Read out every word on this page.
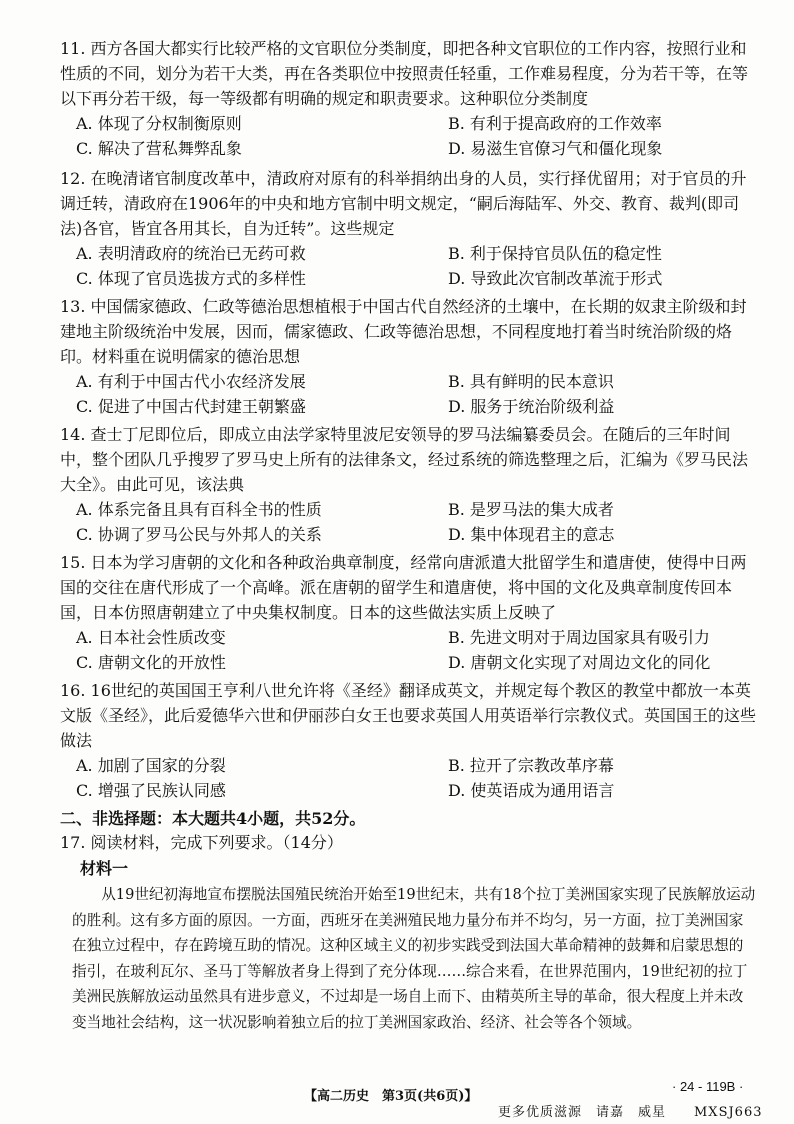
11. 西方各国大都实行比较严格的文官职位分类制度，即把各种文官职位的工作内容，按照行业和性质的不同，划分为若干大类，再在各类职位中按照责任轻重，工作难易程度，分为若干等，在等以下再分若干级，每一等级都有明确的规定和职责要求。这种职位分类制度
A. 体现了分权制衡原则	B. 有利于提高政府的工作效率
C. 解决了营私舞弊乱象	D. 易滋生官僚习气和僵化现象
12. 在晚清诸官制度改革中，清政府对原有的科举捐纳出身的人员，实行择优留用；对于官员的升调迁转，清政府在1906年的中央和地方官制中明文规定，“嗣后海陆军、外交、教育、裁判(即司法)各官，皆宜各用其长，自为迁转”。这些规定
A. 表明清政府的统治已无药可救	B. 利于保持官员队伍的稳定性
C. 体现了官员选拔方式的多样性	D. 导致此次官制改革流于形式
13. 中国儒家德政、仁政等德治思想植根于中国古代自然经济的土壤中，在长期的奴隶主阶级和封建地主阶级统治中发展，因而，儒家德政、仁政等德治思想，不同程度地打着当时统治阶级的烙印。材料重在说明儒家的德治思想
A. 有利于中国古代小农经济发展	B. 具有鲜明的民本意识
C. 促进了中国古代封建王朝繁盛	D. 服务于统治阶级利益
14. 查士丁尼即位后，即成立由法学家特里波尼安领导的罗马法编纂委员会。在随后的三年时间中，整个团队几乎搜罗了罗马史上所有的法律条文，经过系统的筛选整理之后，汇编为《罗马民法大全》。由此可见，该法典
A. 体系完备且具有百科全书的性质	B. 是罗马法的集大成者
C. 协调了罗马公民与外邦人的关系	D. 集中体现君主的意志
15. 日本为学习唐朝的文化和各种政治典章制度，经常向唐派遣大批留学生和遣唐使，使得中日两国的交往在唐代形成了一个高峰。派在唐朝的留学生和遣唐使，将中国的文化及典章制度传回本国，日本仿照唐朝建立了中央集权制度。日本的这些做法实质上反映了
A. 日本社会性质改变	B. 先进文明对于周边国家具有吸引力
C. 唐朝文化的开放性	D. 唐朝文化实现了对周边文化的同化
16. 16世纪的英国国王亨利八世允许将《圣经》翻译成英文，并规定每个教区的教堂中都放一本英文版《圣经》，此后爱德华六世和伊丽莎白女王也要求英国人用英语举行宗教仪式。英国国王的这些做法
A. 加剧了国家的分裂	B. 拉开了宗教改革序幕
C. 增强了民族认同感	D. 使英语成为通用语言
二、非选择题：本大题共4小题，共52分。
17. 阅读材料，完成下列要求。（14分）
材料一
从19世纪初海地宣布摆脱法国殖民统治开始至19世纪末，共有18个拉丁美洲国家实现了民族解放运动的胜利。这有多方面的原因。一方面，西班牙在美洲殖民地力量分布并不均匀，另一方面，拉丁美洲国家在独立过程中，存在跨境互助的情况。这种区域主义的初步实践受到法国大革命精神的鼓舞和启蒙思想的指引，在玻利瓦尔、圣马丁等解放者身上得到了充分体现……综合来看，在世界范围内，19世纪初的拉丁美洲民族解放运动虽然具有进步意义，不过却是一场自上而下、由精英所主导的革命，很大程度上并未改变当地社会结构，这一状况影响着独立后的拉丁美洲国家政治、经济、社会等各个领域。
【高二历史　第3页(共6页)】
· 24 - 119B ·
更多优质滋源　请嘉　威星　　MXSJ663
